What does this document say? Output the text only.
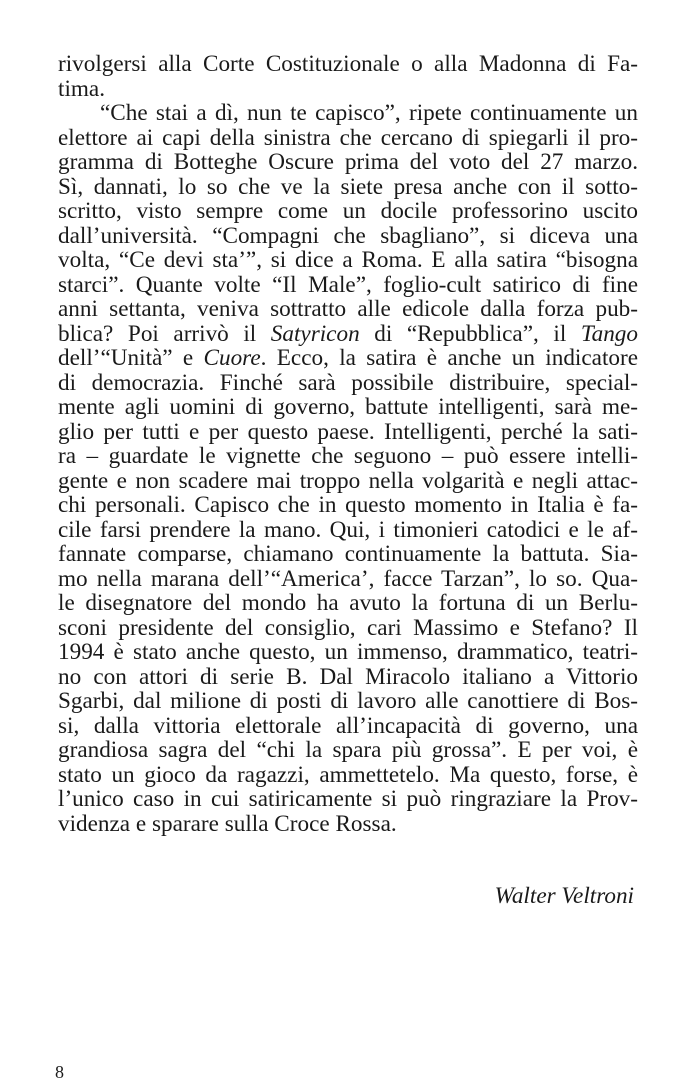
rivolgersi alla Corte Costituzionale o alla Madonna di Fa-
tima.
“Che stai a dì, nun te capisco”, ripete continuamente un
elettore ai capi della sinistra che cercano di spiegarli il pro-
gramma di Botteghe Oscure prima del voto del 27 marzo.
Sì, dannati, lo so che ve la siete presa anche con il sotto-
scritto, visto sempre come un docile professorino uscito
dall’università. “Compagni che sbagliano”, si diceva una
volta, “Ce devi sta’”, si dice a Roma. E alla satira “bisogna
starci”. Quante volte “Il Male”, foglio-cult satirico di fine
anni settanta, veniva sottratto alle edicole dalla forza pub-
blica? Poi arrivò il Satyricon di “Repubblica”, il Tango
dell’“Unità” e Cuore. Ecco, la satira è anche un indicatore
di democrazia. Finché sarà possibile distribuire, special-
mente agli uomini di governo, battute intelligenti, sarà me-
glio per tutti e per questo paese. Intelligenti, perché la sati-
ra – guardate le vignette che seguono – può essere intelli-
gente e non scadere mai troppo nella volgarità e negli attac-
chi personali. Capisco che in questo momento in Italia è fa-
cile farsi prendere la mano. Qui, i timonieri catodici e le af-
fannate comparse, chiamano continuamente la battuta. Sia-
mo nella marana dell’“America’, facce Tarzan”, lo so. Qua-
le disegnatore del mondo ha avuto la fortuna di un Berlu-
sconi presidente del consiglio, cari Massimo e Stefano? Il
1994 è stato anche questo, un immenso, drammatico, teatri-
no con attori di serie B. Dal Miracolo italiano a Vittorio
Sgarbi, dal milione di posti di lavoro alle canottiere di Bos-
si, dalla vittoria elettorale all’incapacità di governo, una
grandiosa sagra del “chi la spara più grossa”. E per voi, è
stato un gioco da ragazzi, ammettetelo. Ma questo, forse, è
l’unico caso in cui satiricamente si può ringraziare la Prov-
videnza e sparare sulla Croce Rossa.
Walter Veltroni
8
